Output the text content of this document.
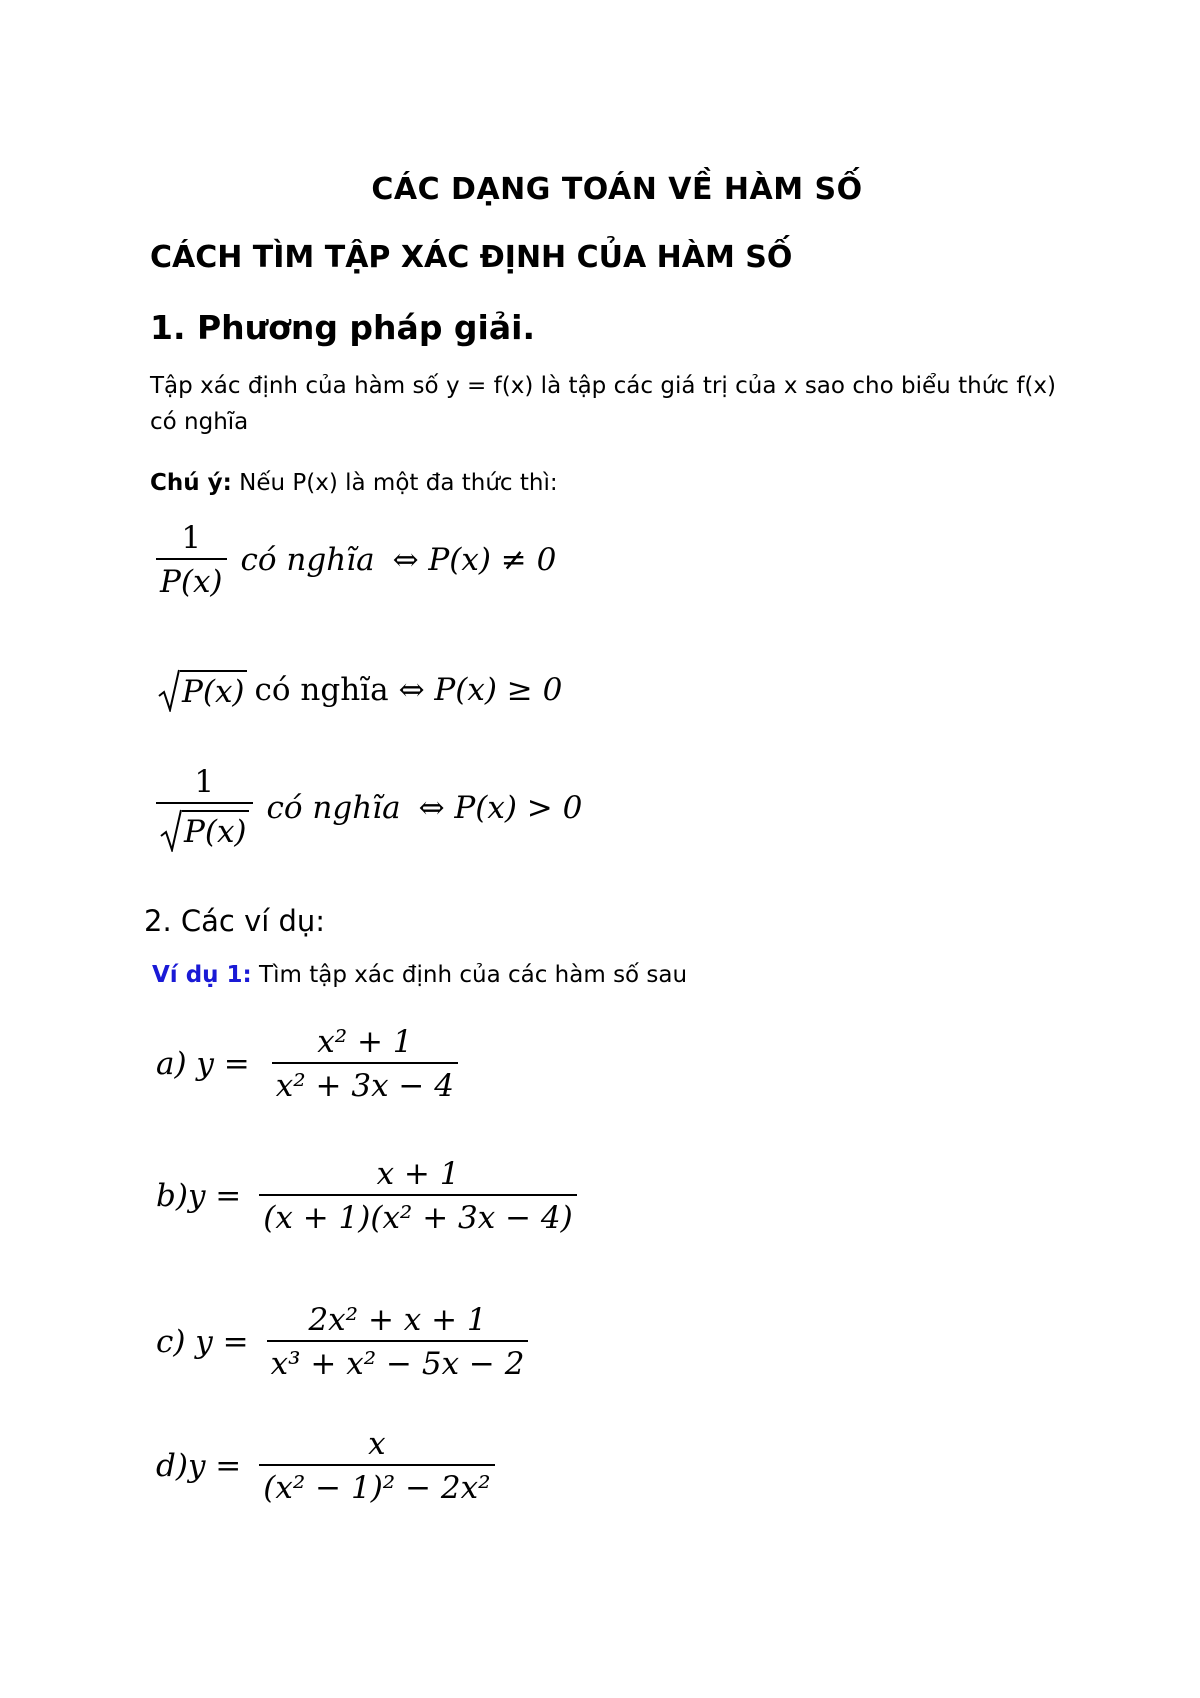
CÁC DẠNG TOÁN VỀ HÀM SỐ
CÁCH TÌM TẬP XÁC ĐỊNH CỦA HÀM SỐ
1. Phương pháp giải.
Tập xác định của hàm số y = f(x) là tập các giá trị của x sao cho biểu thức f(x) có nghĩa
Chú ý: Nếu P(x) là một đa thức thì:
$\frac{1}{P(x)}$ có nghĩa ⇔ P(x) ≠ 0
P(x) có nghĩa ⇔ P(x) ≥ 0
$\frac{1}{P(x)}$ có nghĩa ⇔ P(x) > 0
2. Các ví dụ:
Ví dụ 1: Tìm tập xác định của các hàm số sau
a) $y = \frac{\text{x² + 1}}{\text{x² + 3x − 4}}$
$b)y = \frac{x + 1}{\text{(x + 1)(x² + 3x − 4)}}$
c) $y = \frac{\text{2x² + x + 1}}{\text{x³ + x² − 5x − 2}}$
$d)y = \frac{x}{\text{(x² − 1)² − 2x²}}$
